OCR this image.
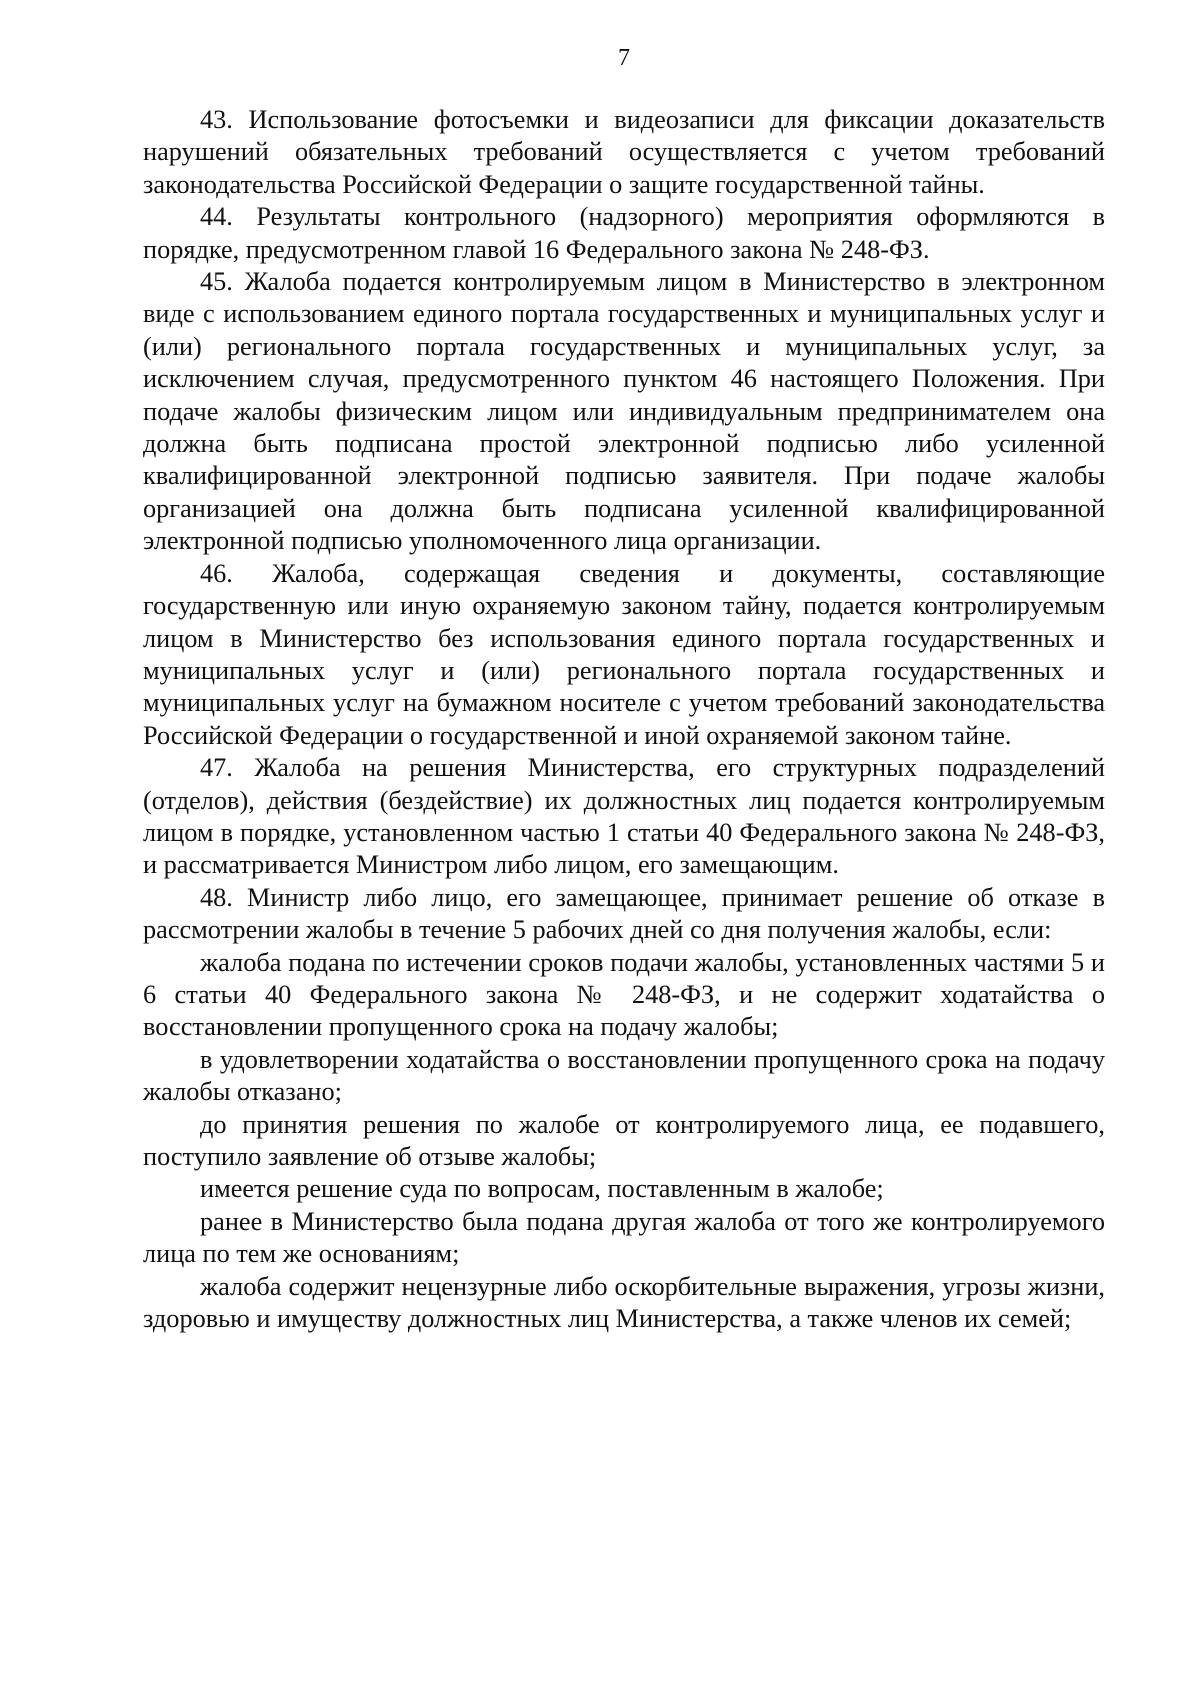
7

43. Использование фотосъемки и видеозаписи для фиксации доказательств нарушений обязательных требований осуществляется с учетом требований законодательства Российской Федерации о защите государственной тайны.

44. Результаты контрольного (надзорного) мероприятия оформляются в порядке, предусмотренном главой 16 Федерального закона № 248-ФЗ.

45. Жалоба подается контролируемым лицом в Министерство в электронном виде с использованием единого портала государственных и муниципальных услуг и (или) регионального портала государственных и муниципальных услуг, за исключением случая, предусмотренного пунктом 46 настоящего Положения. При подаче жалобы физическим лицом или индивидуальным предпринимателем она должна быть подписана простой электронной подписью либо усиленной квалифицированной электронной подписью заявителя. При подаче жалобы организацией она должна быть подписана усиленной квалифицированной электронной подписью уполномоченного лица организации.

46. Жалоба, содержащая сведения и документы, составляющие государственную или иную охраняемую законом тайну, подается контролируемым лицом в Министерство без использования единого портала государственных и муниципальных услуг и (или) регионального портала государственных и муниципальных услуг на бумажном носителе с учетом требований законодательства Российской Федерации о государственной и иной охраняемой законом тайне.

47. Жалоба на решения Министерства, его структурных подразделений (отделов), действия (бездействие) их должностных лиц подается контролируемым лицом в порядке, установленном частью 1 статьи 40 Федерального закона № 248-ФЗ, и рассматривается Министром либо лицом, его замещающим.

48. Министр либо лицо, его замещающее, принимает решение об отказе в рассмотрении жалобы в течение 5 рабочих дней со дня получения жалобы, если:

жалоба подана по истечении сроков подачи жалобы, установленных частями 5 и 6 статьи 40 Федерального закона № 248-ФЗ, и не содержит ходатайства о восстановлении пропущенного срока на подачу жалобы;

в удовлетворении ходатайства о восстановлении пропущенного срока на подачу жалобы отказано;

до принятия решения по жалобе от контролируемого лица, ее подавшего, поступило заявление об отзыве жалобы;

имеется решение суда по вопросам, поставленным в жалобе;

ранее в Министерство была подана другая жалоба от того же контролируемого лица по тем же основаниям;

жалоба содержит нецензурные либо оскорбительные выражения, угрозы жизни, здоровью и имуществу должностных лиц Министерства, а также членов их семей;
